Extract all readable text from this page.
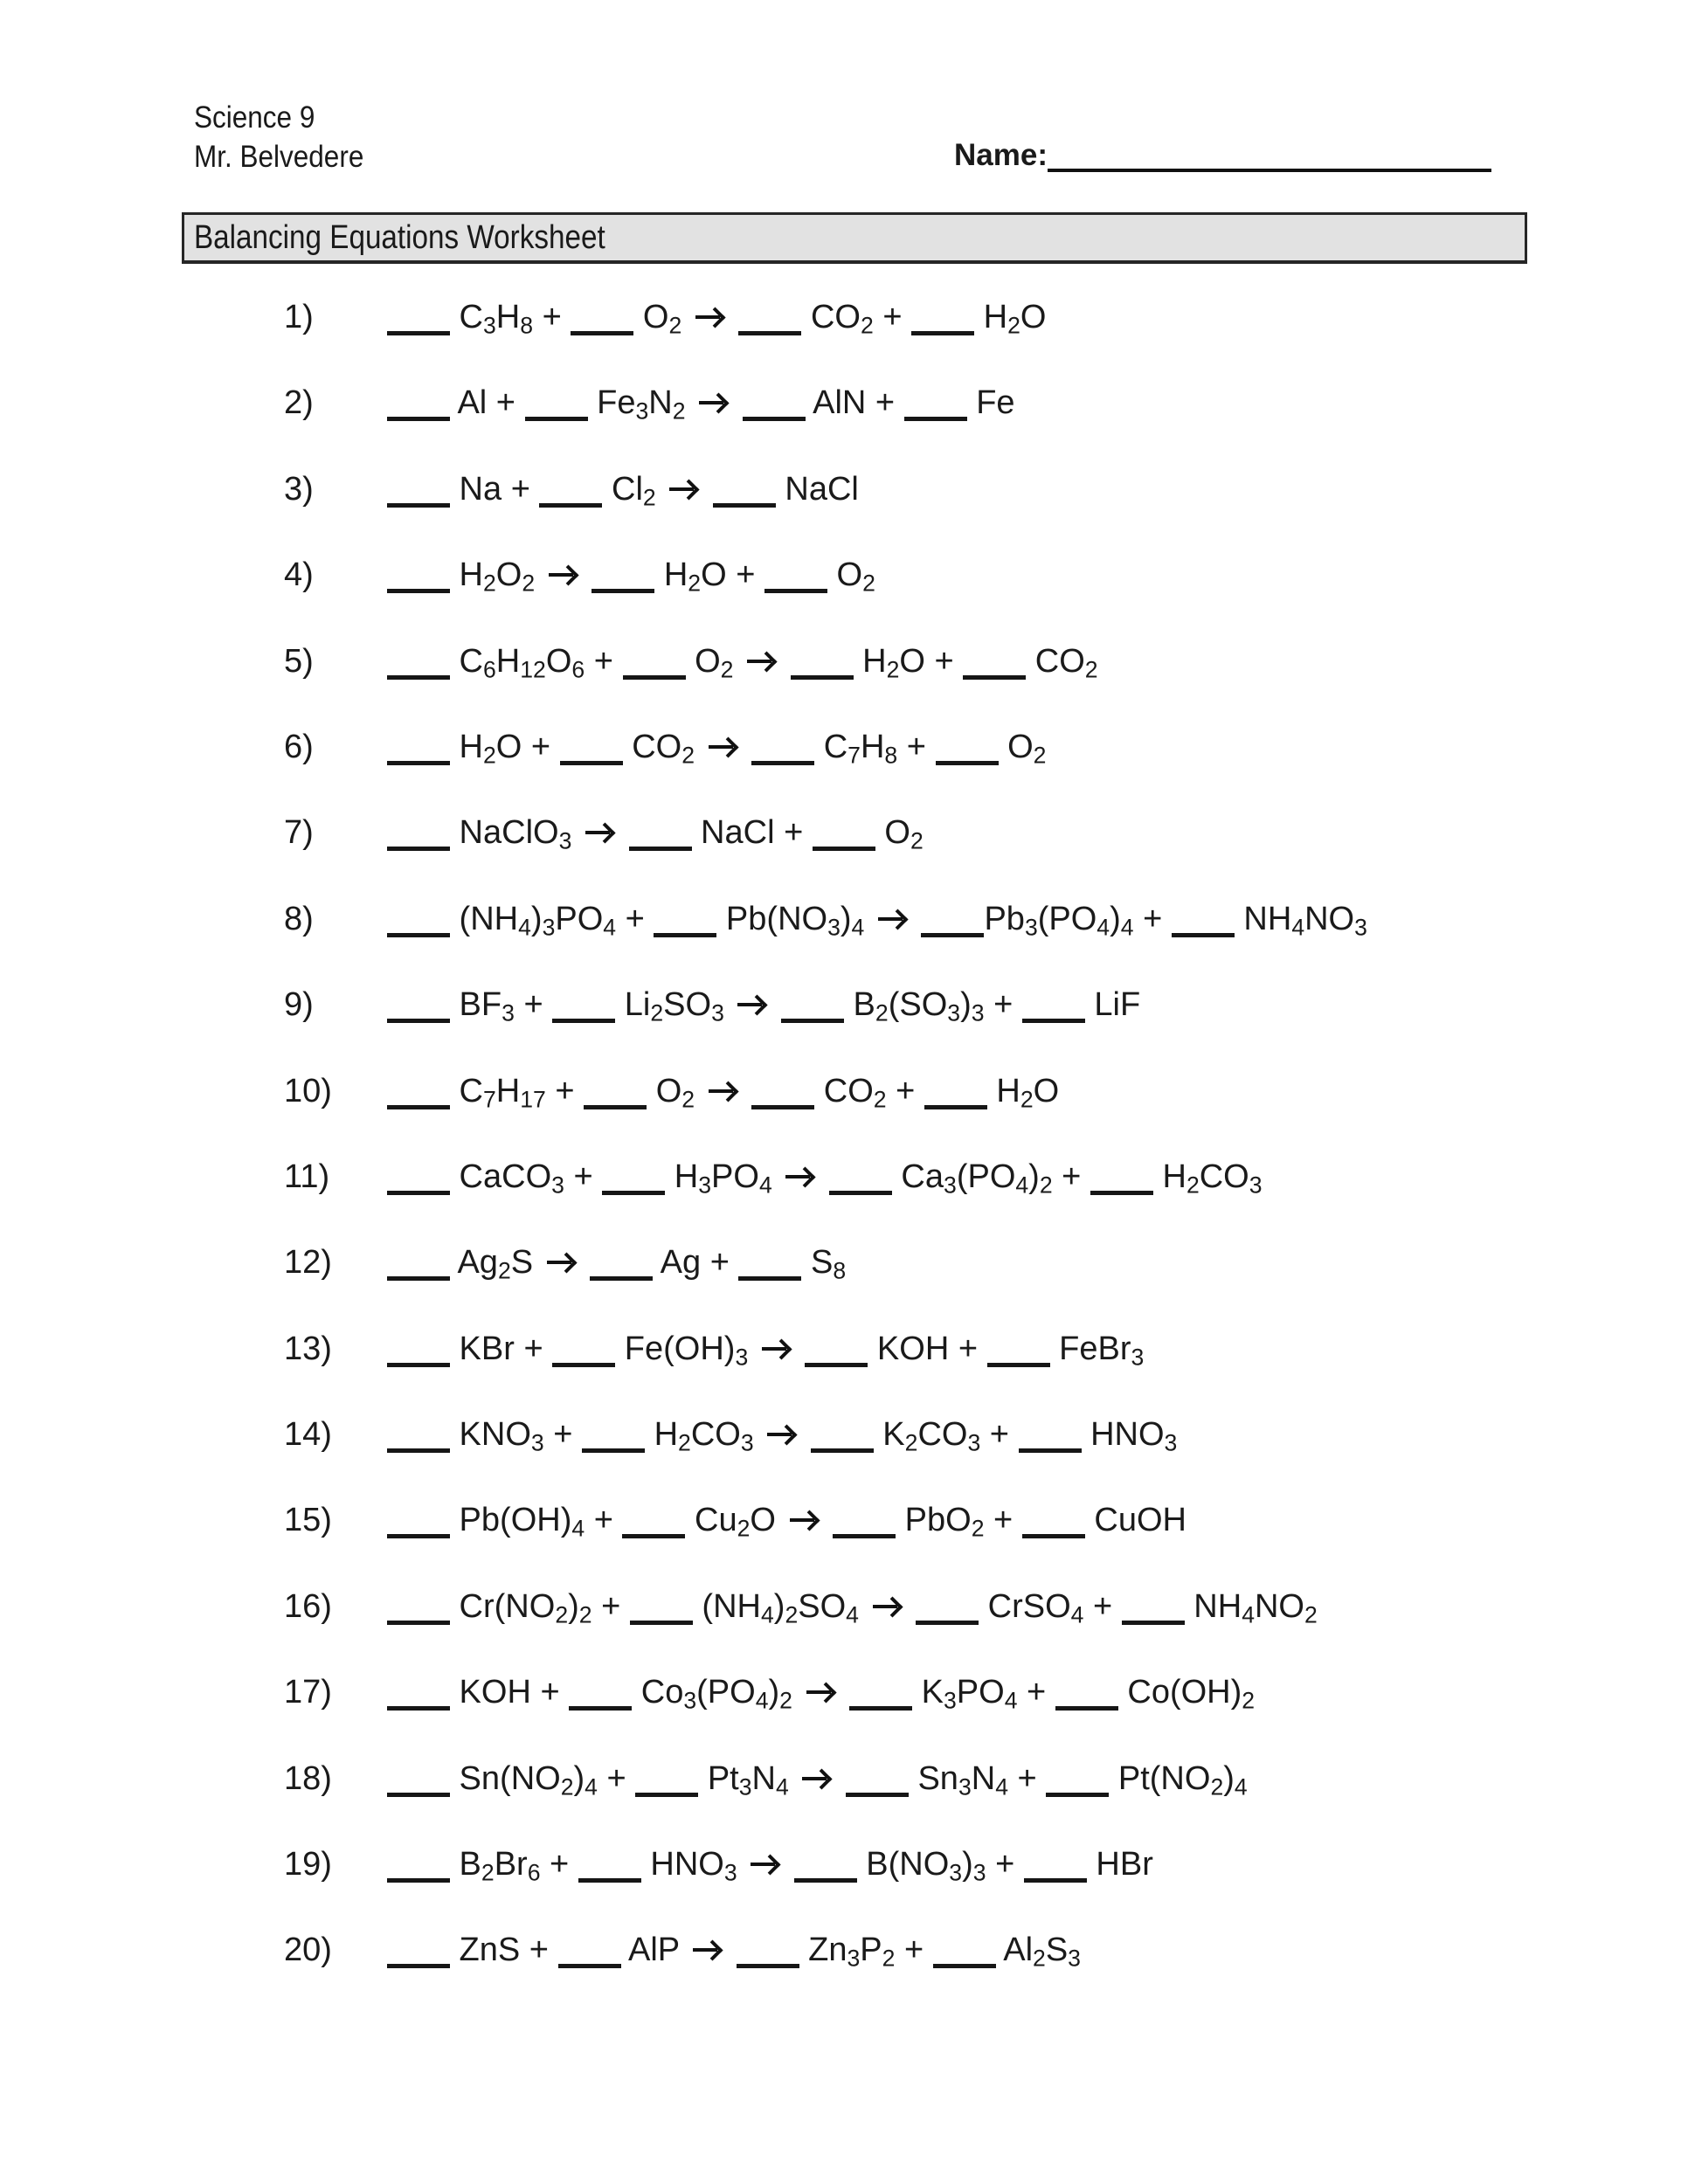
Science 9
Mr. Belvedere	Name:
Balancing Equations Worksheet
1)	$C_3H_8 + O_2$	$CO_2 + H_2O$
2)	$Al + Fe_3N_2$	AlN +  Fe
3)	$Na + Cl_2$	NaCl
4)	$H_2O_2$	$H_2O + O_2$
5)	$C_6H_{12}O_6 + O_2$	$H_2O + CO_2$
6)	$H_2O + CO_2$	$C_7H_8 + O_2$
7)	NaClO$_3$	NaCl +  $O_2$
8)	$(NH_4)_3PO_4 + Pb(NO_3)_4$	$Pb_3(PO_4)_4 + NH_4NO_3$
9)	$BF_3 + Li_2SO_3$	$B_2(SO_3)_3$ +  LiF
10)	$C_7H_{17} + O_2$	$CO_2 + H_2O$
11)	CaCO$_3$ +  $H_3PO_4$	$Ca_3(PO_4)_2 + H_2CO_3$
12)	$Ag_2S$	$Ag + S_8$
13)	KBr +  $Fe(OH)_3$	KOH +  FeBr$_3$
14)	$KNO_3 + H_2CO_3$	$K_2CO_3 + HNO_3$
15)	$Pb(OH)_4 + Cu_2O$	PbO$_2$ +  CuOH
16)	$Cr(NO_2)_2 + (NH_4)_2SO_4$	CrSO$_4$ +  $NH_4NO_2$
17)	KOH +  $Co_3(PO_4)_2$	$K_3PO_4 + Co(OH)_2$
18)	$Sn(NO_2)_4 + Pt_3N_4$	$Sn_3N_4 + Pt(NO_2)_4$
19)	$B_2Br_6 + HNO_3$	$B(NO_3)_3$ +  HBr
20)	ZnS +  AlP	$Zn_3P_2 + Al_2S_3$
